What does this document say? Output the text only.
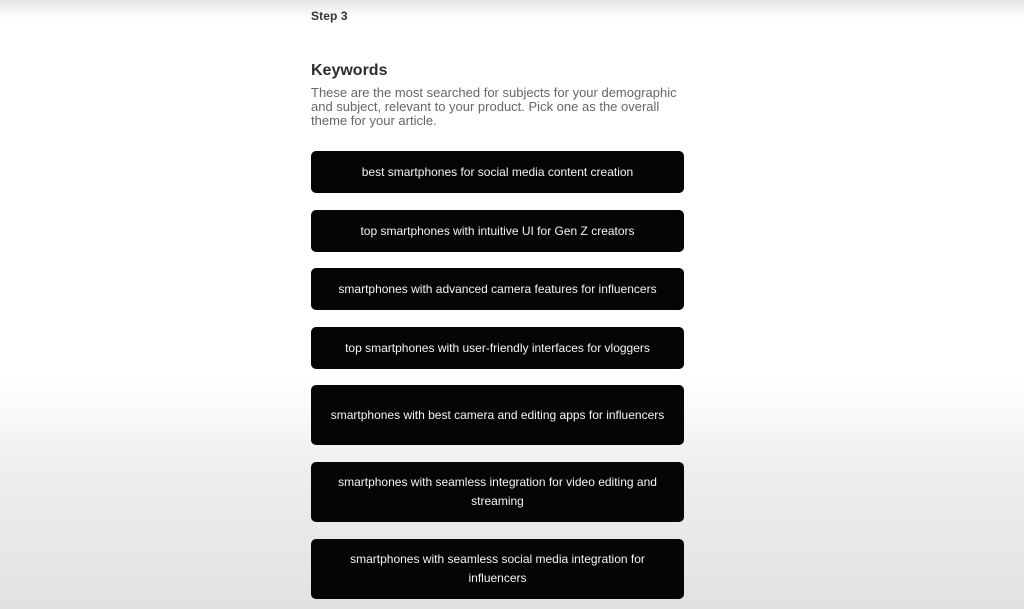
Step 3
Keywords

These are the most searched for subjects for your demographic and subject, relevant to your product. Pick one as the overall theme for your article.

best smartphones for social media content creation
top smartphones with intuitive UI for Gen Z creators
smartphones with advanced camera features for influencers
top smartphones with user-friendly interfaces for vloggers
smartphones with best camera and editing apps for influencers
smartphones with seamless integration for video editing and streaming
smartphones with seamless social media integration for influencers
